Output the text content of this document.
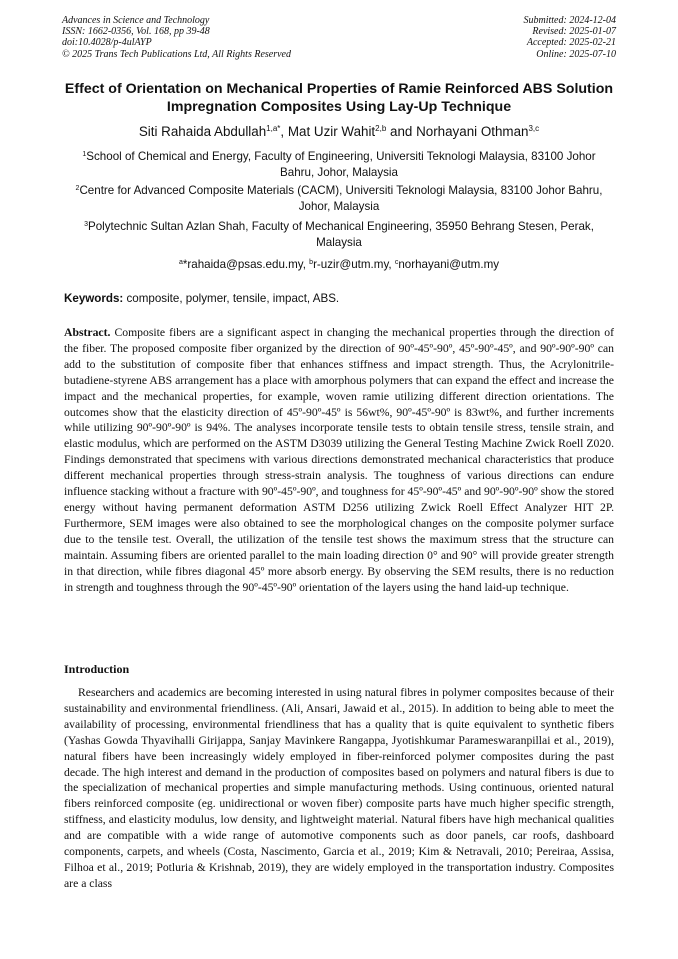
Advances in Science and Technology
ISSN: 1662-0356, Vol. 168, pp 39-48
doi:10.4028/p-4ulAYP
© 2025 Trans Tech Publications Ltd, All Rights Reserved
Submitted: 2024-12-04
Revised: 2025-01-07
Accepted: 2025-02-21
Online: 2025-07-10
Effect of Orientation on Mechanical Properties of Ramie Reinforced ABS Solution Impregnation Composites Using Lay-Up Technique
Siti Rahaida Abdullah$^{1,a*}$, Mat Uzir Wahit$^{2,b}$ and Norhayani Othman$^{3,c}$
$^1$School of Chemical and Energy, Faculty of Engineering, Universiti Teknologi Malaysia, 83100 Johor Bahru, Johor, Malaysia
$^2$Centre for Advanced Composite Materials (CACM), Universiti Teknologi Malaysia, 83100 Johor Bahru, Johor, Malaysia
$^3$Polytechnic Sultan Azlan Shah, Faculty of Mechanical Engineering, 35950 Behrang Stesen, Perak, Malaysia
$^a$*rahaida@psas.edu.my, $^b$r-uzir@utm.my, $^c$norhayani@utm.my
Keywords: composite, polymer, tensile, impact, ABS.

Abstract. Composite fibers are a significant aspect in changing the mechanical properties through the direction of the fiber. The proposed composite fiber organized by the direction of 90º-45º-90º, 45º-90º-45º, and 90º-90º-90º can add to the substitution of composite fiber that enhances stiffness and impact strength. Thus, the Acrylonitrile-butadiene-styrene ABS arrangement has a place with amorphous polymers that can expand the effect and increase the impact and the mechanical properties, for example, woven ramie utilizing different direction orientations. The outcomes show that the elasticity direction of 45º-90º-45º is 56wt%, 90º-45º-90º is 83wt%, and further increments while utilizing 90º-90º-90º is 94%. The analyses incorporate tensile tests to obtain tensile stress, tensile strain, and elastic modulus, which are performed on the ASTM D3039 utilizing the General Testing Machine Zwick Roell Z020. Findings demonstrated that specimens with various directions demonstrated mechanical characteristics that produce different mechanical properties through stress-strain analysis. The toughness of various directions can endure influence stacking without a fracture with 90º-45º-90º, and toughness for 45º-90º-45º and 90º-90º-90º show the stored energy without having permanent deformation ASTM D256 utilizing Zwick Roell Effect Analyzer HIT 2P. Furthermore, SEM images were also obtained to see the morphological changes on the composite polymer surface due to the tensile test. Overall, the utilization of the tensile test shows the maximum stress that the structure can maintain. Assuming fibers are oriented parallel to the main loading direction 0° and 90° will provide greater strength in that direction, while fibres diagonal 45º more absorb energy. By observing the SEM results, there is no reduction in strength and toughness through the 90º-45º-90º orientation of the layers using the hand laid-up technique.

Introduction

Researchers and academics are becoming interested in using natural fibres in polymer composites because of their sustainability and environmental friendliness. (Ali, Ansari, Jawaid et al., 2015). In addition to being able to meet the availability of processing, environmental friendliness that has a quality that is quite equivalent to synthetic fibers (Yashas Gowda Thyavihalli Girijappa, Sanjay Mavinkere Rangappa, Jyotishkumar Parameswaranpillai et al., 2019), natural fibers have been increasingly widely employed in fiber-reinforced polymer composites during the past decade. The high interest and demand in the production of composites based on polymers and natural fibers is due to the specialization of mechanical properties and simple manufacturing methods. Using continuous, oriented natural fibers reinforced composite (eg. unidirectional or woven fiber) composite parts have much higher specific strength, stiffness, and elasticity modulus, low density, and lightweight material. Natural fibers have high mechanical qualities and are compatible with a wide range of automotive components such as door panels, car roofs, dashboard components, carpets, and wheels (Costa, Nascimento, Garcia et al., 2019; Kim & Netravali, 2010; Pereiraa, Assisa, Filhoa et al., 2019; Potluria & Krishnab, 2019), they are widely employed in the transportation industry. Composites are a class
